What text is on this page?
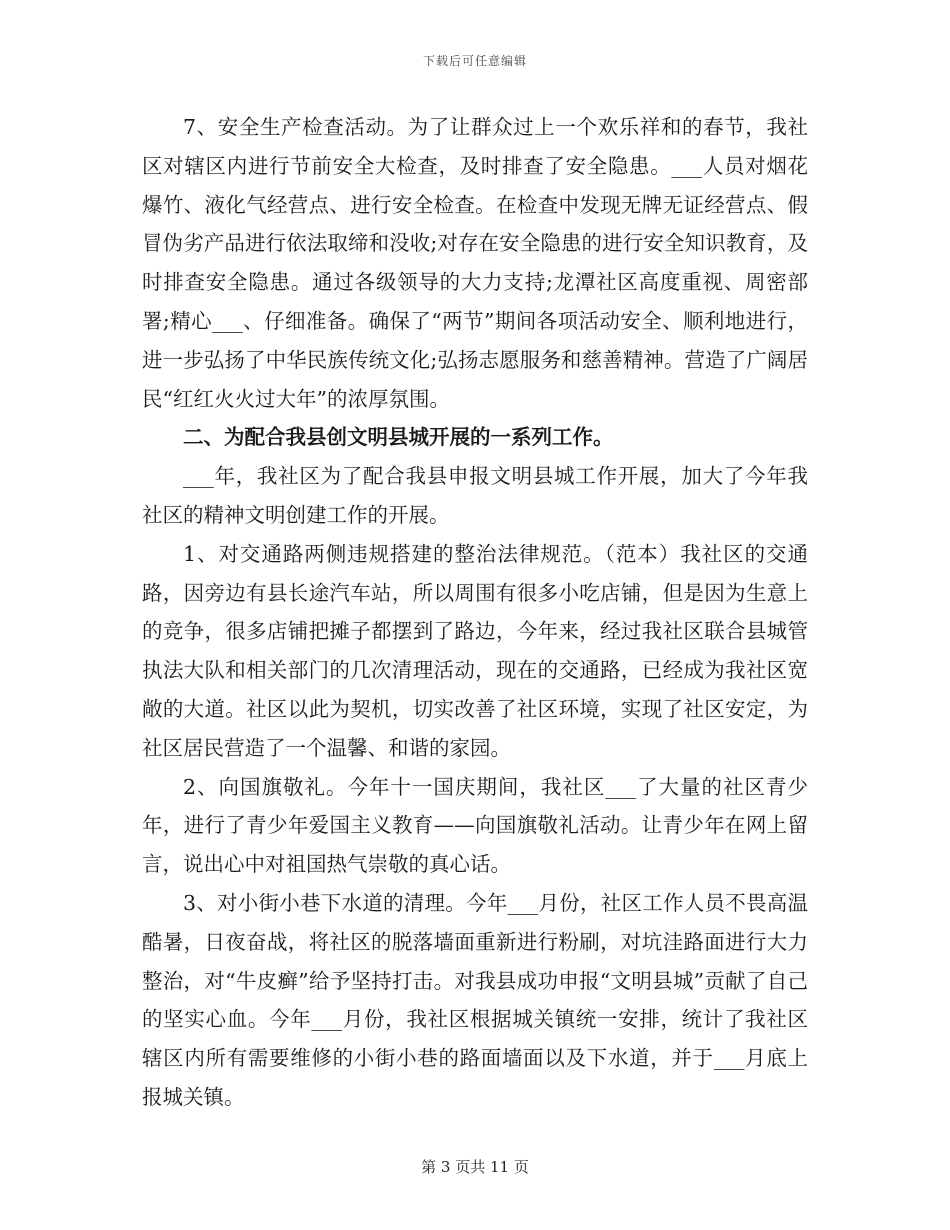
下载后可任意编辑

7、安全生产检查活动。为了让群众过上一个欢乐祥和的春节，我社区对辖区内进行节前安全大检查，及时排查了安全隐患。___人员对烟花爆竹、液化气经营点、进行安全检查。在检查中发现无牌无证经营点、假冒伪劣产品进行依法取缔和没收;对存在安全隐患的进行安全知识教育，及时排查安全隐患。通过各级领导的大力支持;龙潭社区高度重视、周密部署;精心___、仔细准备。确保了“两节”期间各项活动安全、顺利地进行，进一步弘扬了中华民族传统文化;弘扬志愿服务和慈善精神。营造了广阔居民“红红火火过大年”的浓厚氛围。

二、为配合我县创文明县城开展的一系列工作。

___年，我社区为了配合我县申报文明县城工作开展，加大了今年我社区的精神文明创建工作的开展。

1、对交通路两侧违规搭建的整治法律规范。（范本）我社区的交通路，因旁边有县长途汽车站，所以周围有很多小吃店铺，但是因为生意上的竞争，很多店铺把摊子都摆到了路边，今年来，经过我社区联合县城管执法大队和相关部门的几次清理活动，现在的交通路，已经成为我社区宽敞的大道。社区以此为契机，切实改善了社区环境，实现了社区安定，为社区居民营造了一个温馨、和谐的家园。

2、向国旗敬礼。今年十一国庆期间，我社区___了大量的社区青少年，进行了青少年爱国主义教育——向国旗敬礼活动。让青少年在网上留言，说出心中对祖国热气崇敬的真心话。

3、对小街小巷下水道的清理。今年___月份，社区工作人员不畏高温酷暑，日夜奋战，将社区的脱落墙面重新进行粉刷，对坑洼路面进行大力整治，对“牛皮癣”给予坚持打击。对我县成功申报“文明县城”贡献了自己的坚实心血。今年___月份，我社区根据城关镇统一安排，统计了我社区辖区内所有需要维修的小街小巷的路面墙面以及下水道，并于___月底上报城关镇。

第 3 页共 11 页
